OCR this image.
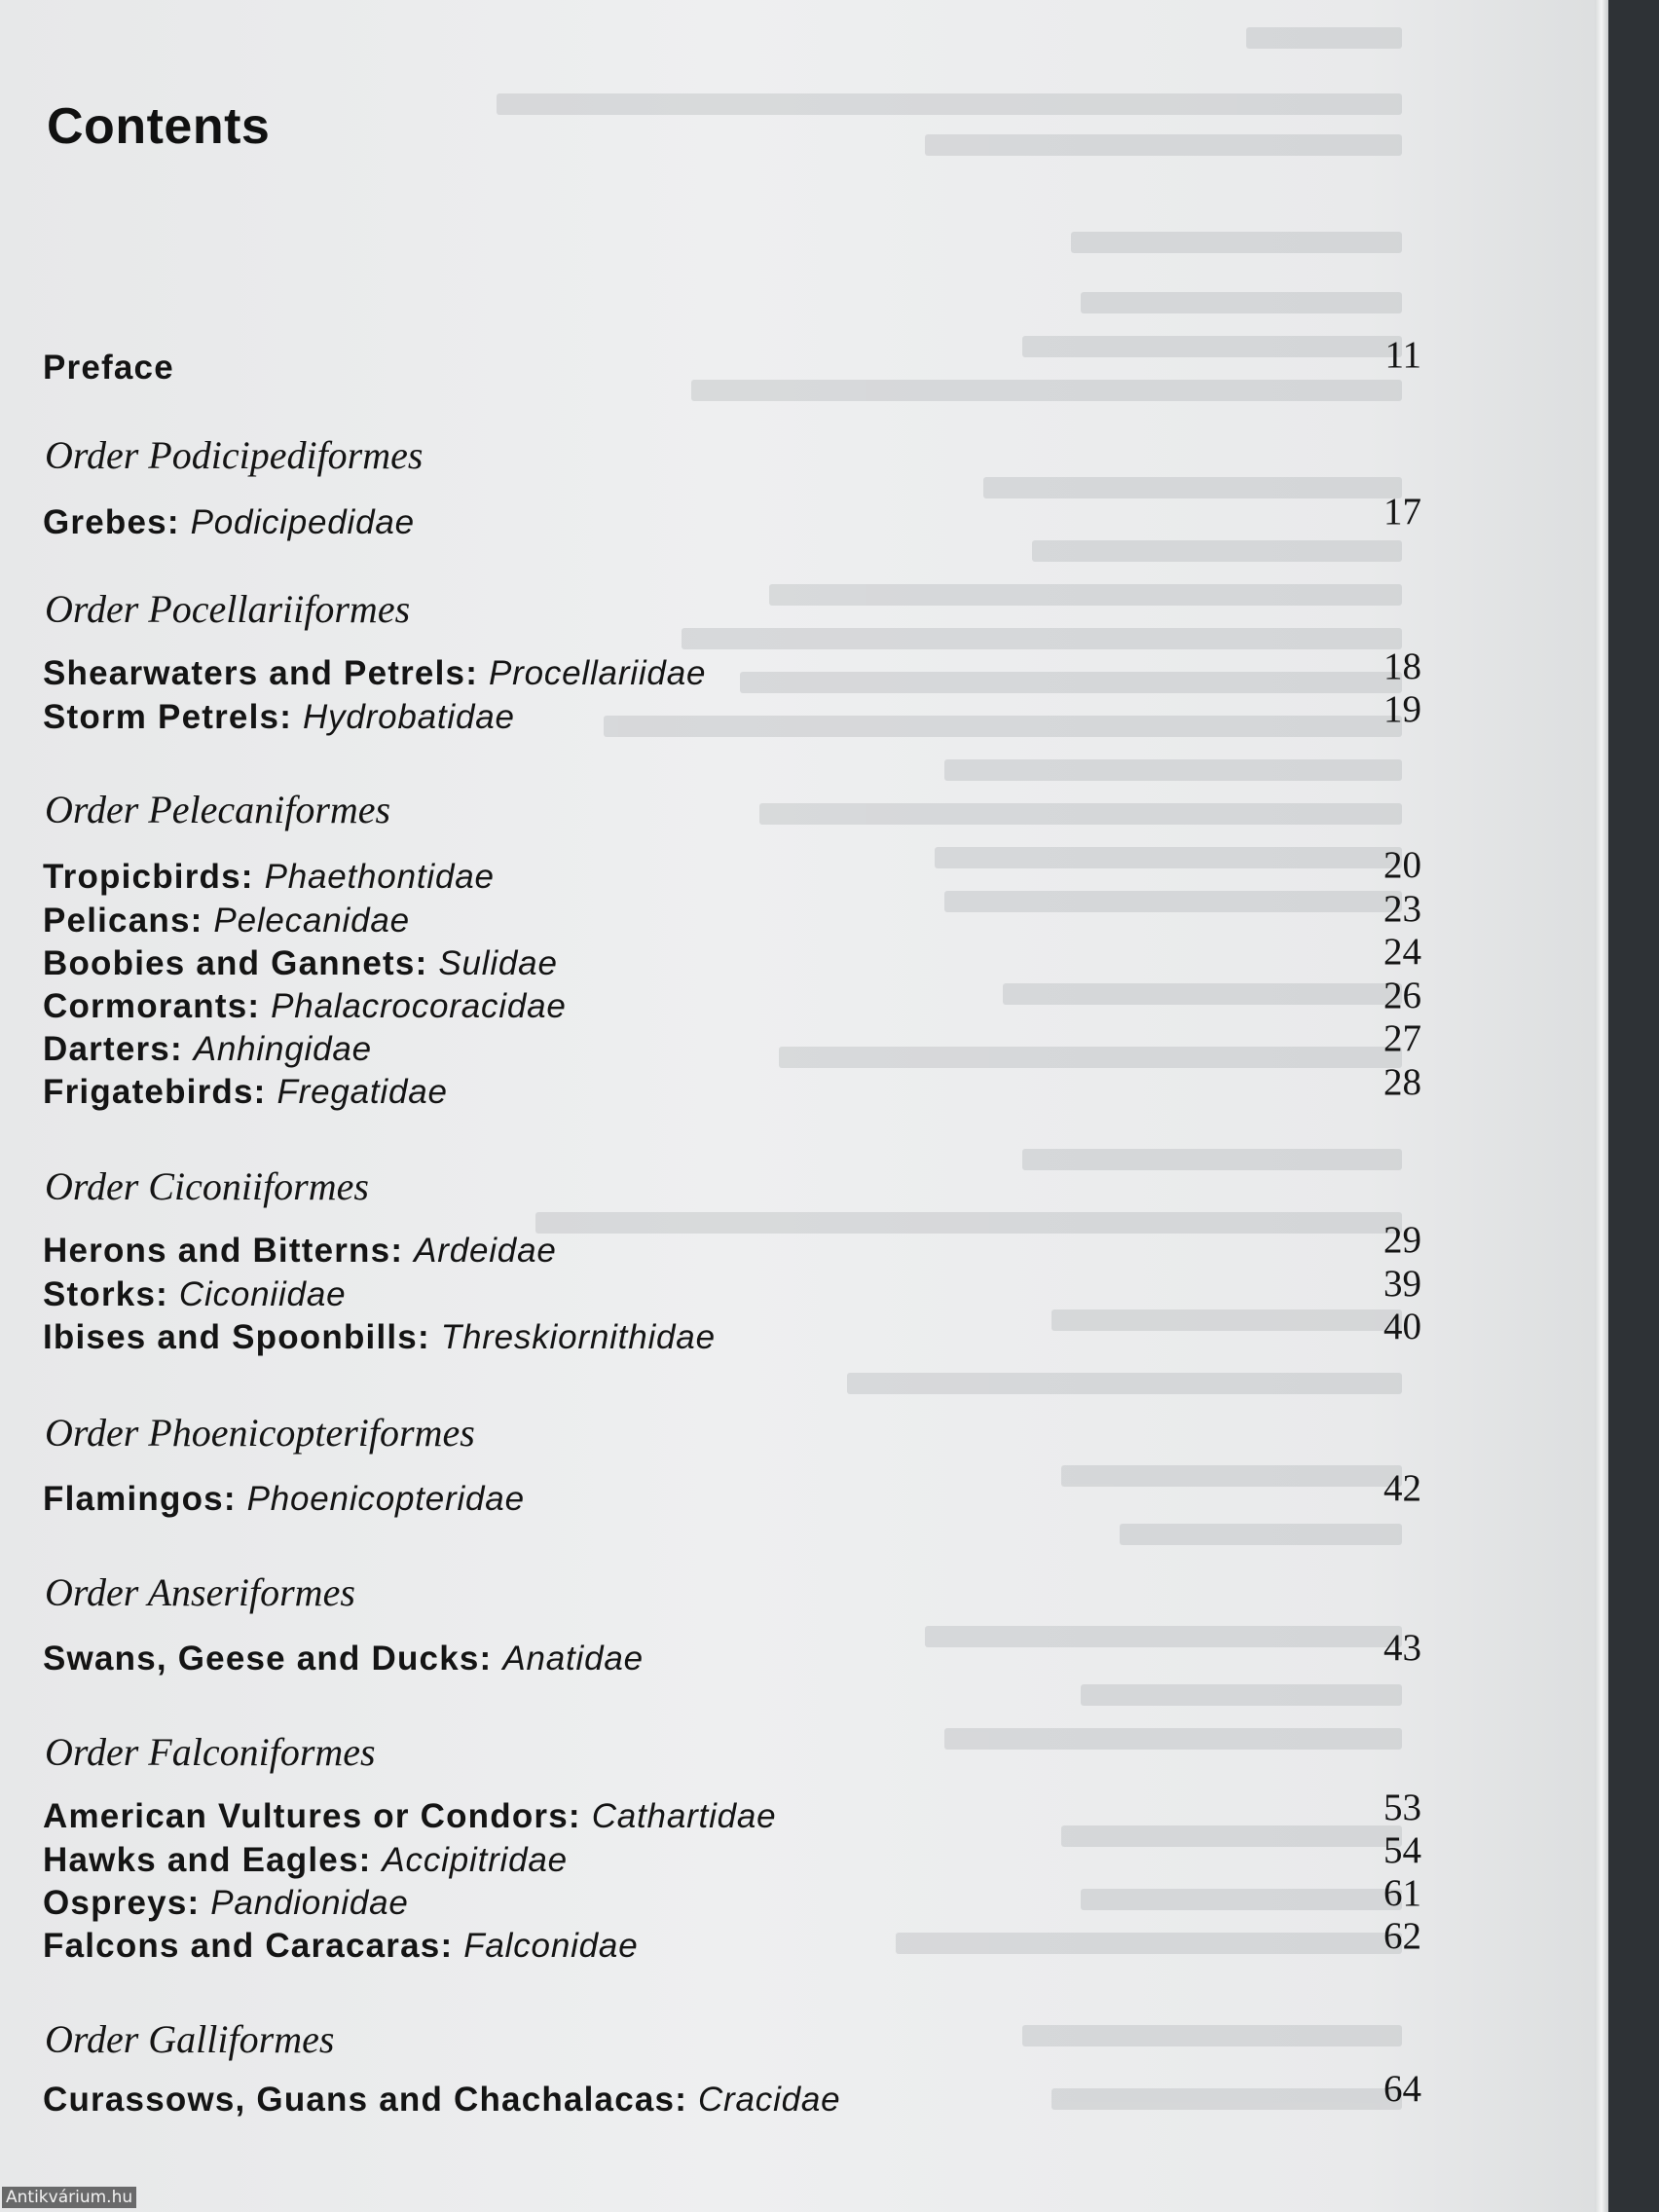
Contents
Preface
Order Podicipediformes
Grebes: Podicipedidae
Order Pocellariiformes
Shearwaters and Petrels: Procellariidae
Storm Petrels: Hydrobatidae
Order Pelecaniformes
Tropicbirds: Phaethontidae
Pelicans: Pelecanidae
Boobies and Gannets: Sulidae
Cormorants: Phalacrocoracidae
Darters: Anhingidae
Frigatebirds: Fregatidae
Order Ciconiiformes
Herons and Bitterns: Ardeidae
Storks: Ciconiidae
Ibises and Spoonbills: Threskiornithidae
Order Phoenicopteriformes
Flamingos: Phoenicopteridae
Order Anseriformes
Swans, Geese and Ducks: Anatidae
Order Falconiformes
American Vultures or Condors: Cathartidae
Hawks and Eagles: Accipitridae
Ospreys: Pandionidae
Falcons and Caracaras: Falconidae
Order Galliformes
Curassows, Guans and Chachalacas: Cracidae
11
17
18
19
20
23
24
26
27
28
29
39
40
42
43
53
54
61
62
64
Antikvárium.hu
